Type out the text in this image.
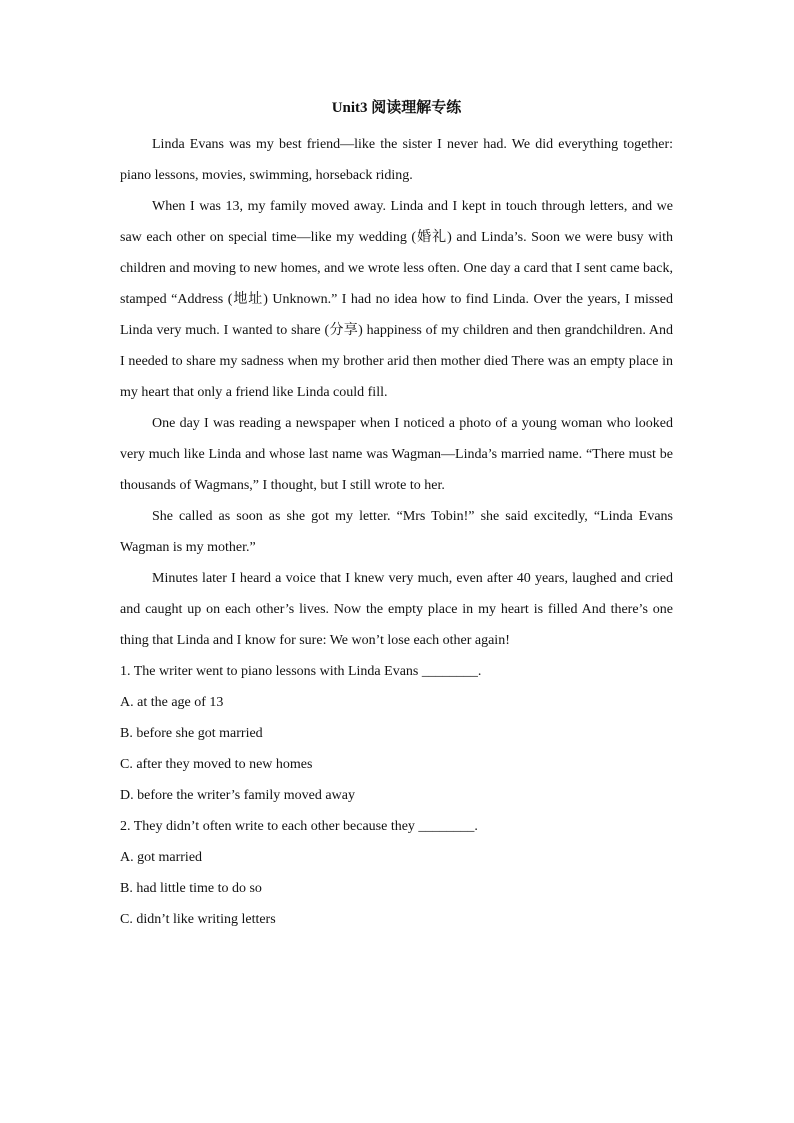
Unit3 阅读理解专练

Linda Evans was my best friend—like the sister I never had. We did everything together: piano lessons, movies, swimming, horseback riding.

When I was 13, my family moved away. Linda and I kept in touch through letters, and we saw each other on special time—like my wedding (婚礼) and Linda’s. Soon we were busy with children and moving to new homes, and we wrote less often. One day a card that I sent came back, stamped “Address (地址) Unknown.” I had no idea how to find Linda. Over the years, I missed Linda very much. I wanted to share (分享) happiness of my children and then grandchildren. And I needed to share my sadness when my brother arid then mother died There was an empty place in my heart that only a friend like Linda could fill.

One day I was reading a newspaper when I noticed a photo of a young woman who looked very much like Linda and whose last name was Wagman—Linda’s married name. “There must be thousands of Wagmans,” I thought, but I still wrote to her.

She called as soon as she got my letter. “Mrs Tobin!” she said excitedly, “Linda Evans Wagman is my mother.”

Minutes later I heard a voice that I knew very much, even after 40 years, laughed and cried and caught up on each other’s lives. Now the empty place in my heart is filled And there’s one thing that Linda and I know for sure: We won’t lose each other again!

1. The writer went to piano lessons with Linda Evans ________.

A. at the age of 13

B. before she got married

C. after they moved to new homes

D. before the writer’s family moved away

2. They didn’t often write to each other because they ________.

A. got married

B. had little time to do so

C. didn’t like writing letters
